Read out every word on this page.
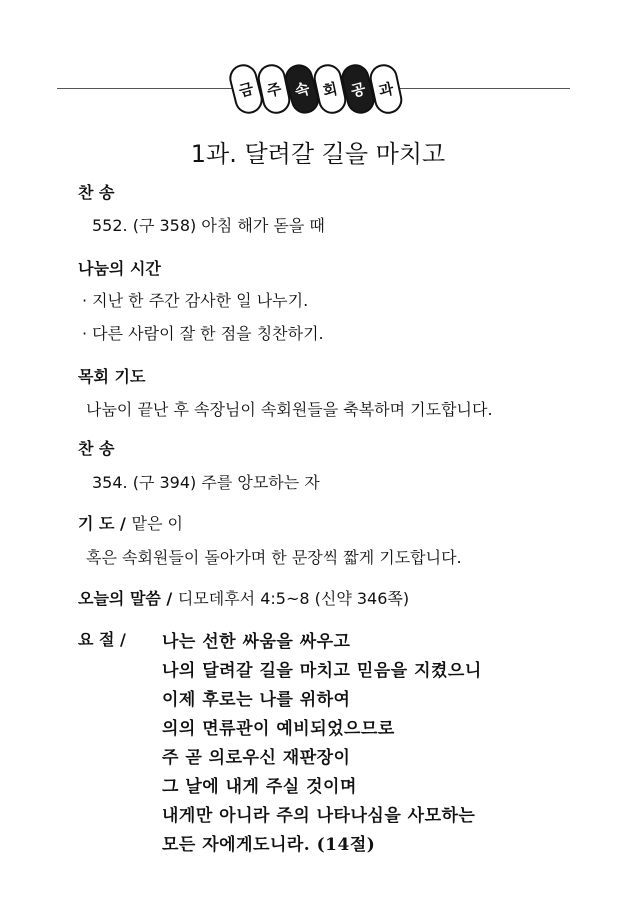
금 주 속 회 공 과
1과. 달려갈 길을 마치고
찬 송
552. (구 358) 아침 해가 돋을 때
나눔의 시간
· 지난 한 주간 감사한 일 나누기.
· 다른 사람이 잘 한 점을 칭찬하기.
목회 기도
나눔이 끝난 후 속장님이 속회원들을 축복하며 기도합니다.
찬 송
354. (구 394) 주를 앙모하는 자
기 도 / 맡은 이
혹은 속회원들이 돌아가며 한 문장씩 짧게 기도합니다.
오늘의 말씀 / 디모데후서 4:5~8 (신약 346쪽)
요 절 / 나는 선한 싸움을 싸우고
나의 달려갈 길을 마치고 믿음을 지켰으니
이제 후로는 나를 위하여
의의 면류관이 예비되었으므로
주 곧 의로우신 재판장이
그 날에 내게 주실 것이며
내게만 아니라 주의 나타나심을 사모하는
모든 자에게도니라. (14절)
